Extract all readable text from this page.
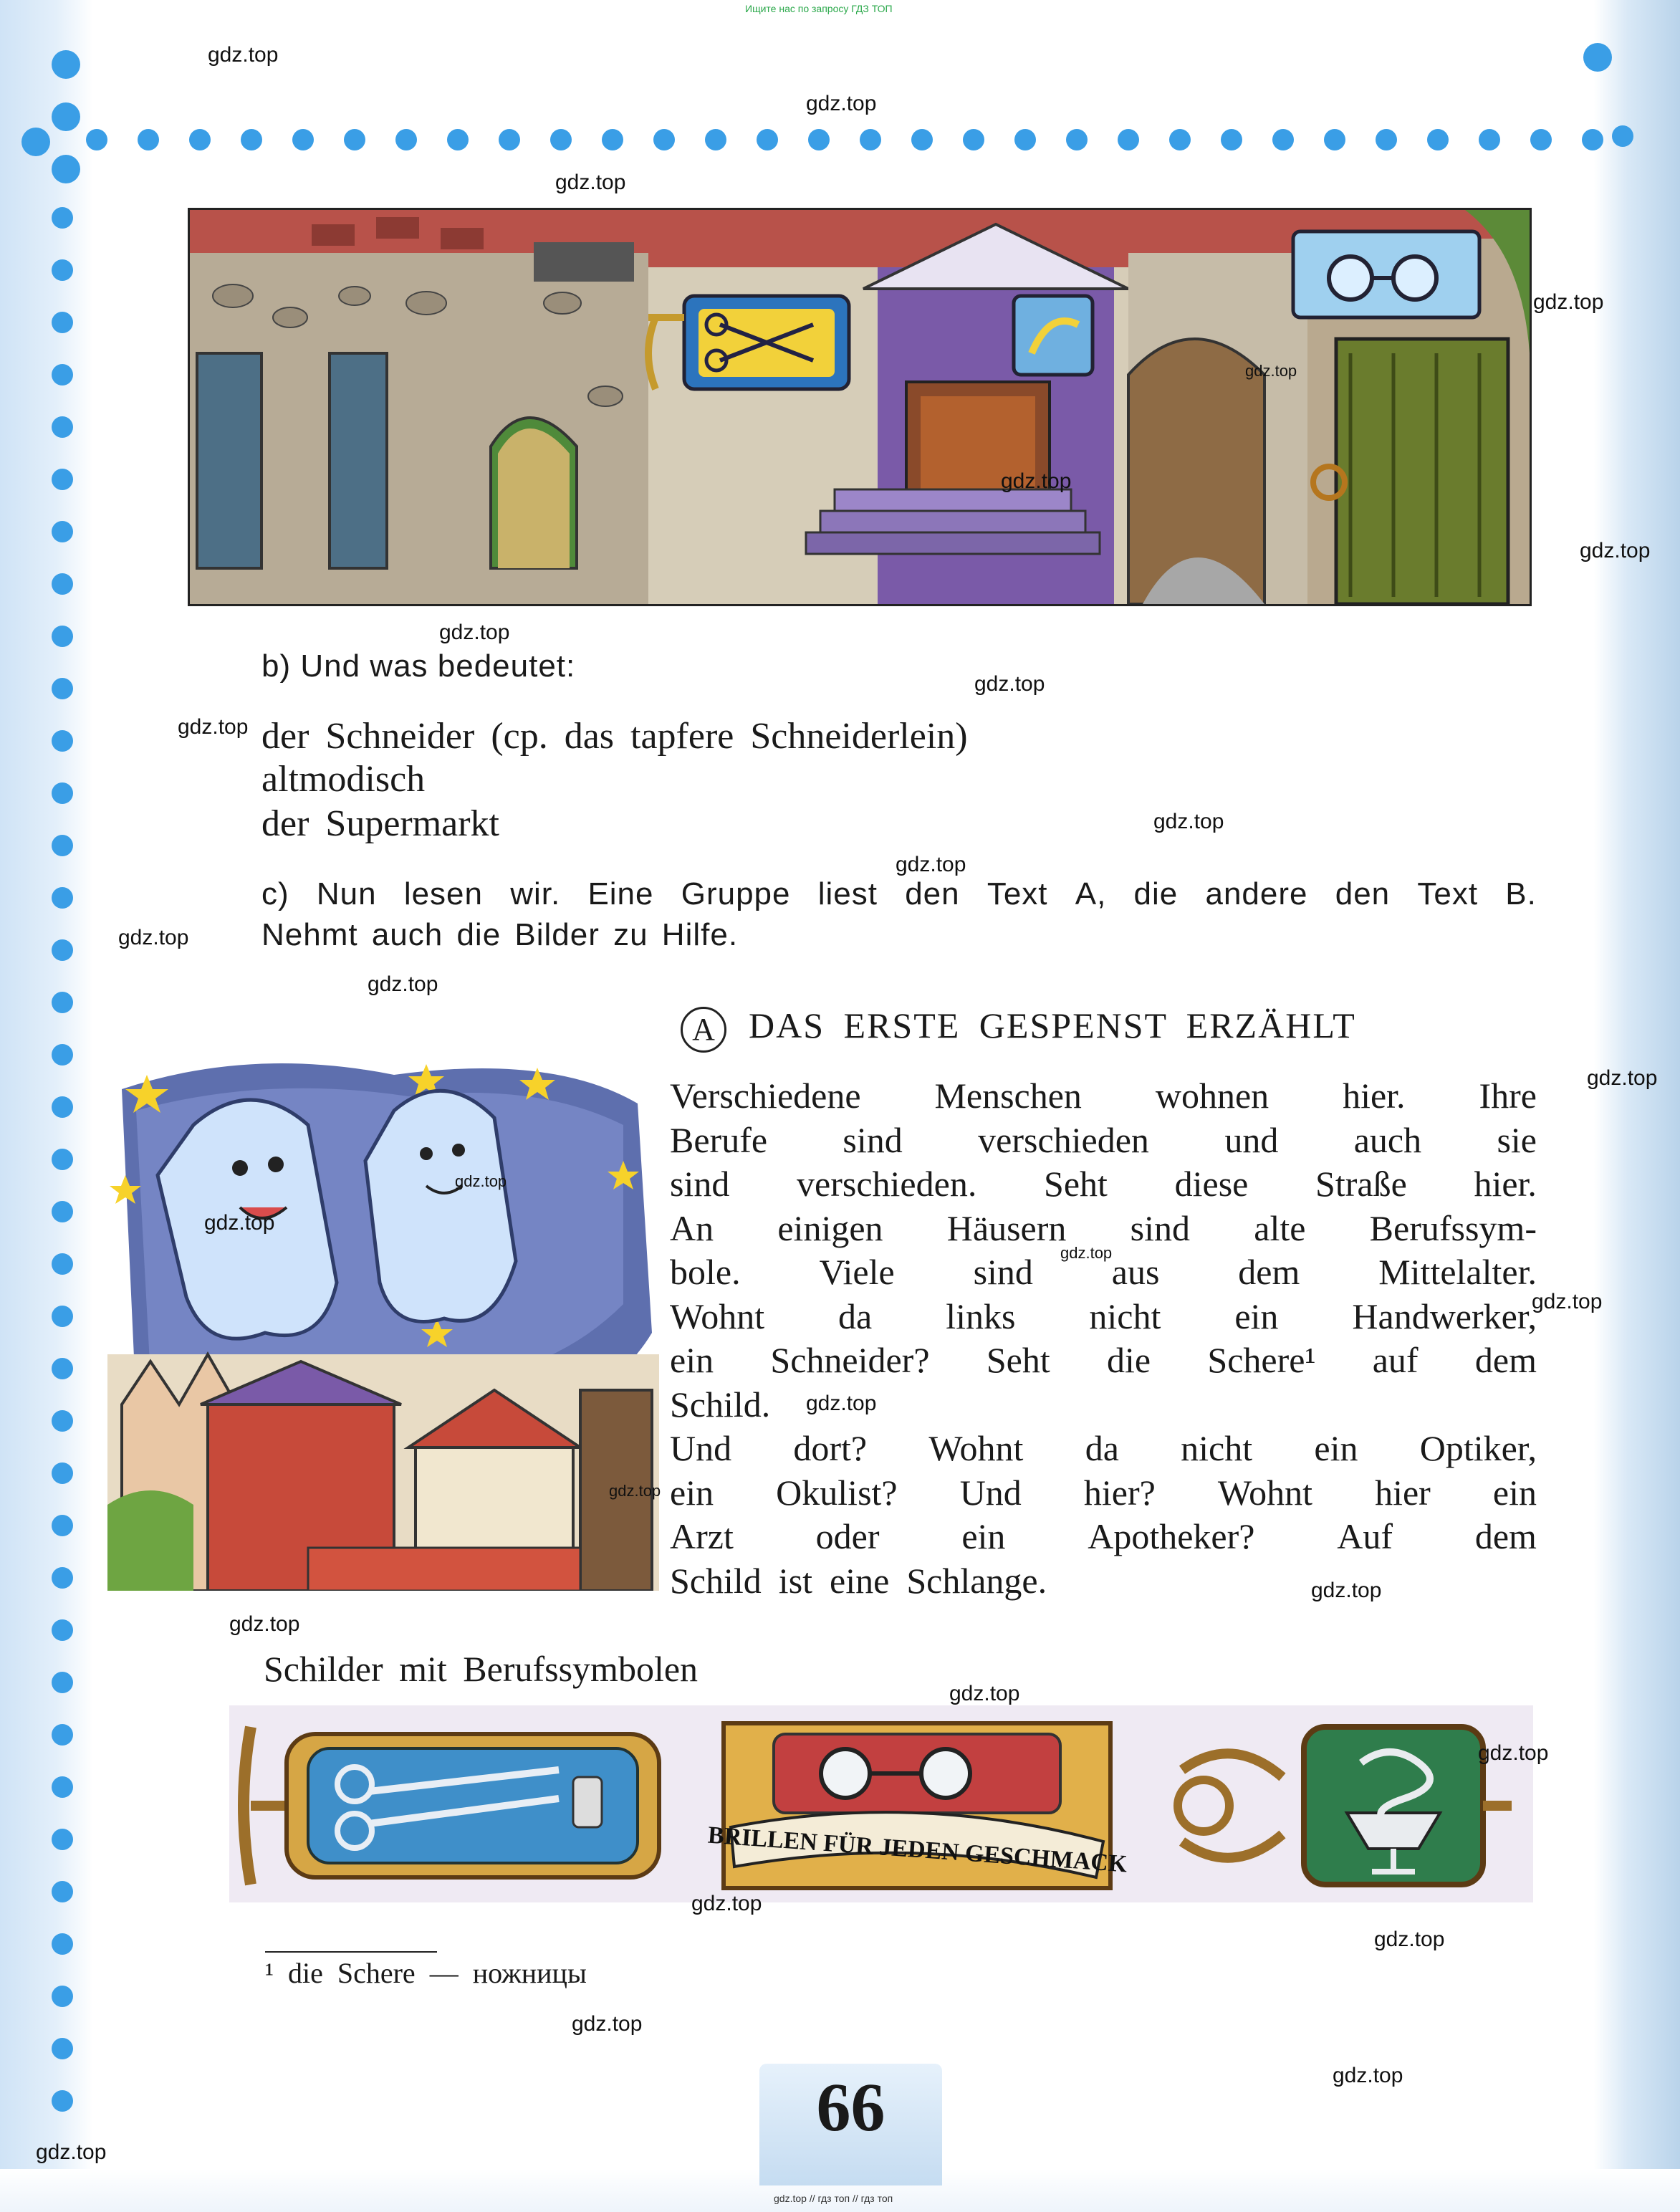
Ищите нас по запросу ГДЗ ТОП
b) Und was bedeutet:
der Schneider (ср. das tapfere Schneiderlein)
altmodisch
der Supermarkt
c) Nun lesen wir. Eine Gruppe liest den Text A, die andere den Text B.
Nehmt auch die Bilder zu Hilfe.
A DAS ERSTE GESPENST ERZÄHLT
Verschiedene Menschen wohnen hier. Ihre
Berufe sind verschieden und auch sie
sind verschieden. Seht diese Straße hier.
An einigen Häusern sind alte Berufssym-
bole. Viele sind aus dem Mittelalter.
Wohnt da links nicht ein Handwerker,
ein Schneider? Seht die Schere¹ auf dem
Schild.
Und dort? Wohnt da nicht ein Optiker,
ein Okulist? Und hier? Wohnt hier ein
Arzt oder ein Apotheker? Auf dem
Schild ist eine Schlange.
Schilder mit Berufssymbolen
BRILLEN FÜR JEDEN GESCHMACK
¹ die Schere — ножницы
66
gdz.top // гдз топ // гдз топ
gdz.top
gdz.top
gdz.top
gdz.top
gdz.top
gdz.top
gdz.top
gdz.top
gdz.top
gdz.top
gdz.top
gdz.top
gdz.top
gdz.top
gdz.top
gdz.top
gdz.top
gdz.top
gdz.top
gdz.top
gdz.top
gdz.top
gdz.top
gdz.top
gdz.top
gdz.top
gdz.top
gdz.top
gdz.top
gdz.top
